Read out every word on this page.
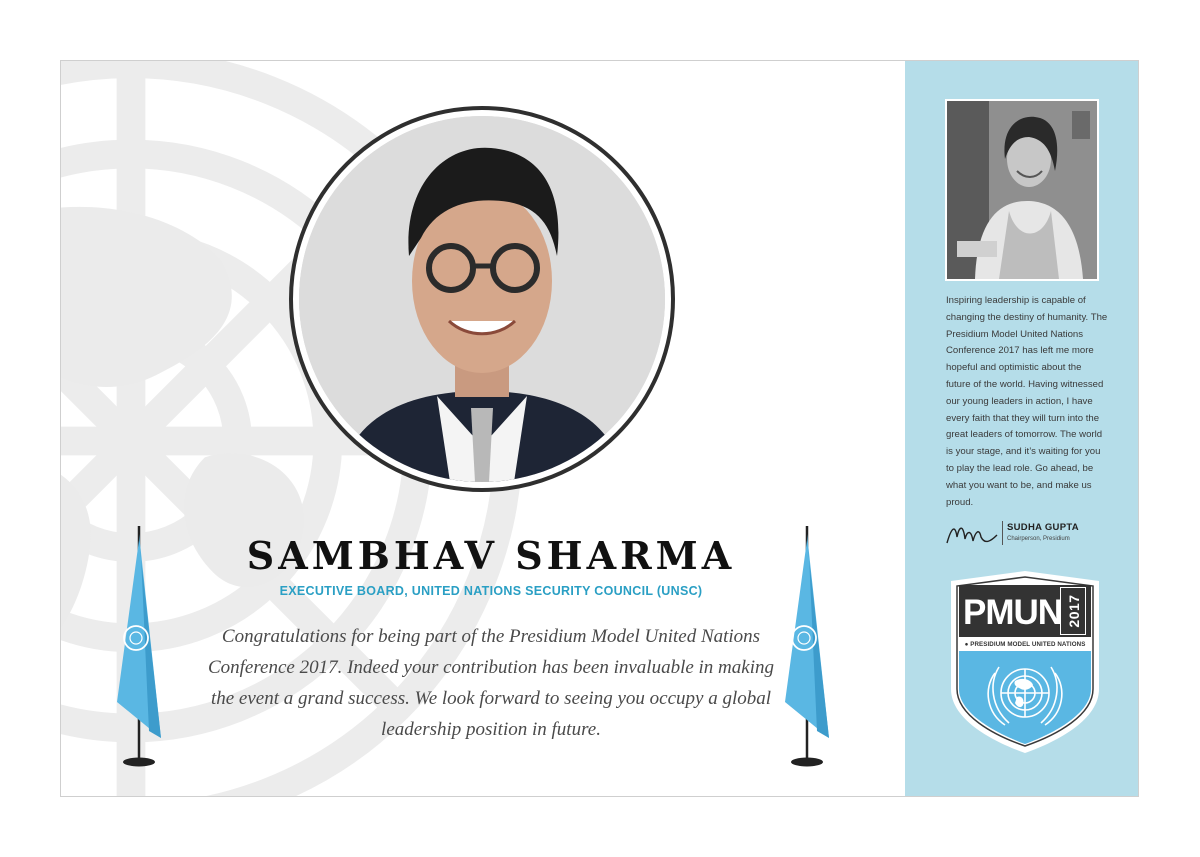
SAMBHAV SHARMA
EXECUTIVE BOARD, UNITED NATIONS SECURITY COUNCIL (UNSC)
Congratulations for being part of the Presidium Model United Nations Conference 2017. Indeed your contribution has been invaluable in making the event a grand success. We look forward to seeing you occupy a global leadership position in future.

Inspiring leadership is capable of changing the destiny of humanity. The Presidium Model United Nations Conference 2017 has left me more hopeful and optimistic about the future of the world. Having witnessed our young leaders in action, I have every faith that they will turn into the great leaders of tomorrow. The world is your stage, and it’s waiting for you to play the lead role. Go ahead, be what you want to be, and make us proud.

SUDHA GUPTA
Chairperson, Presidium
PMUN 2017
● PRESIDIUM MODEL UNITED NATIONS
